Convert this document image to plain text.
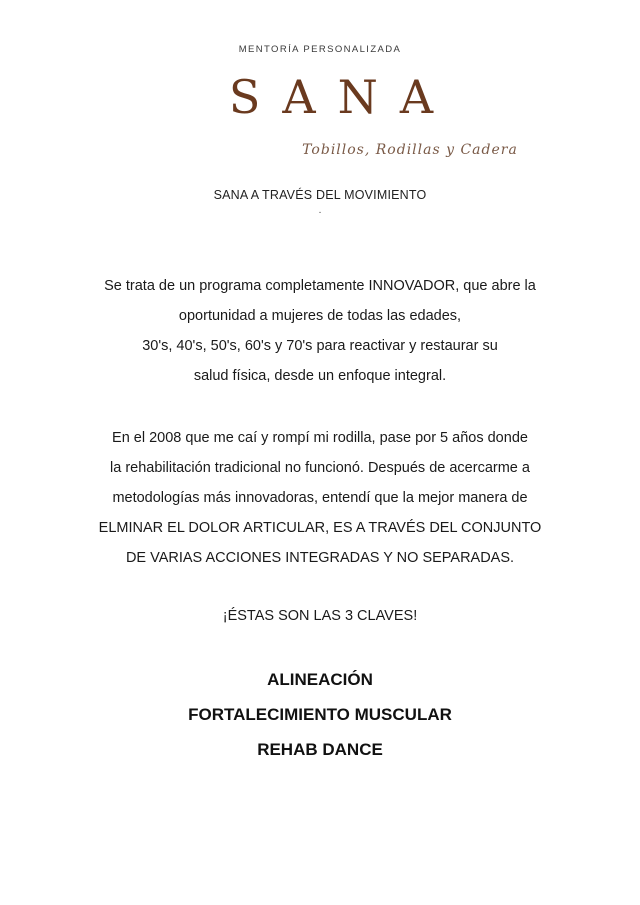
MENTORÍA PERSONALIZADA
SANA
Tobillos, Rodillas y Cadera
SANA A TRAVÉS DEL MOVIMIENTO
.
Se trata de un programa completamente INNOVADOR, que abre la
oportunidad a mujeres de todas las edades,
30's, 40's, 50's, 60's y 70's para reactivar y restaurar su
salud física, desde un enfoque integral.
En el 2008 que me caí y rompí mi rodilla, pase por 5 años donde
la rehabilitación tradicional no funcionó. Después de acercarme a
metodologías más innovadoras, entendí que la mejor manera de
ELMINAR EL DOLOR ARTICULAR, ES A TRAVÉS DEL CONJUNTO
DE VARIAS ACCIONES INTEGRADAS Y NO SEPARADAS.
¡ÉSTAS SON LAS 3 CLAVES!
ALINEACIÓN
FORTALECIMIENTO MUSCULAR
REHAB DANCE
